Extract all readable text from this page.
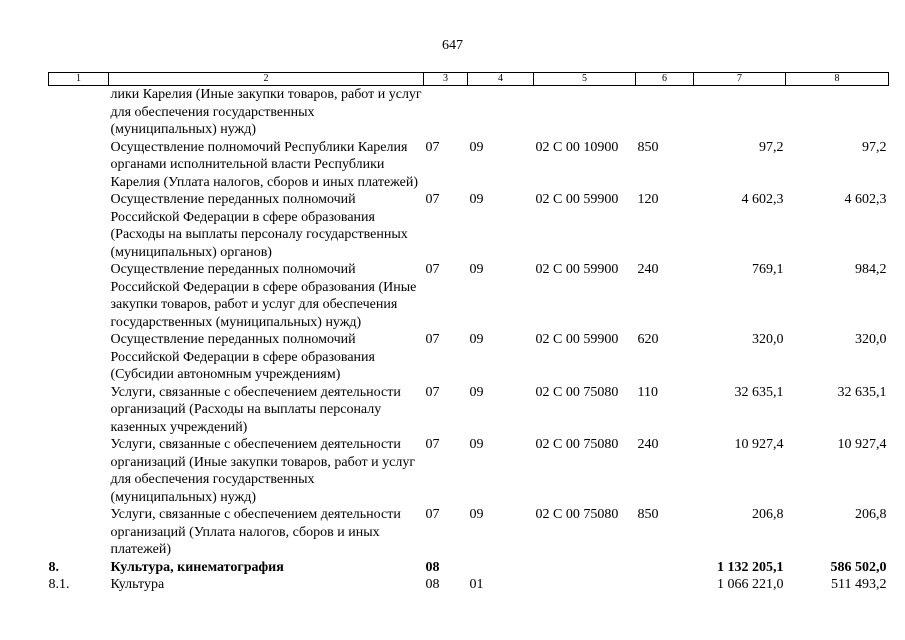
647
1	2	3	4	5	6	7	8
	лики Карелия (Иные закупки товаров, работ и услуг для обеспечения государственных (муниципальных) нужд)						
	Осуществление полномочий Республики Карелия органами исполнительной власти Республики Карелия (Уплата налогов, сборов и иных платежей)	07	09	02 С 00 10900	850	97,2	97,2
	Осуществление переданных полномочий Российской Федерации в сфере образования (Расходы на выплаты персоналу государственных (муниципальных) органов)	07	09	02 С 00 59900	120	4 602,3	4 602,3
	Осуществление переданных полномочий Российской Федерации в сфере образования (Иные закупки товаров, работ и услуг для обеспечения государственных (муниципальных) нужд)	07	09	02 С 00 59900	240	769,1	984,2
	Осуществление переданных полномочий Российской Федерации в сфере образования (Субсидии автономным учреждениям)	07	09	02 С 00 59900	620	320,0	320,0
	Услуги, связанные с обеспечением деятельности организаций (Расходы на выплаты персоналу казенных учреждений)	07	09	02 С 00 75080	110	32 635,1	32 635,1
	Услуги, связанные с обеспечением деятельности организаций (Иные закупки товаров, работ и услуг для обеспечения государственных (муниципальных) нужд)	07	09	02 С 00 75080	240	10 927,4	10 927,4
	Услуги, связанные с обеспечением деятельности организаций (Уплата налогов, сборов и иных платежей)	07	09	02 С 00 75080	850	206,8	206,8
8.	Культура, кинематография	08				1 132 205,1	586 502,0
8.1.	Культура	08	01			1 066 221,0	511 493,2
